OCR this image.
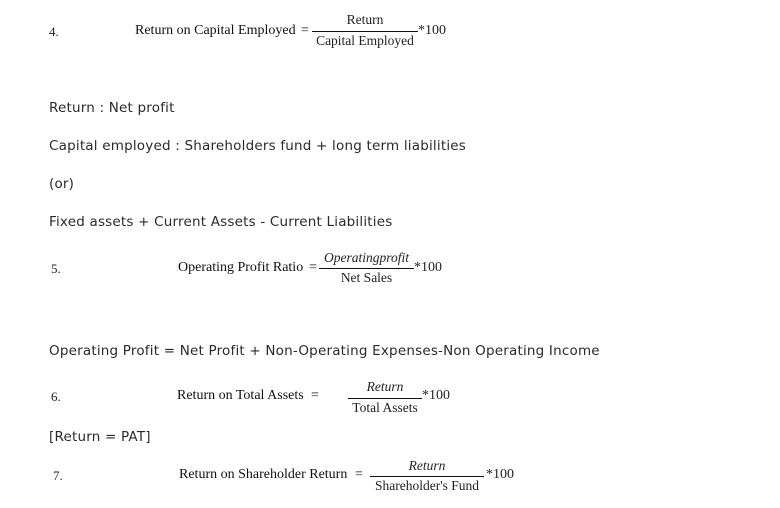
4.	Return on Capital Employed =
Return
Capital Employed
*100
Return : Net profit
Capital employed : Shareholders fund + long term liabilities
(or)
Fixed assets + Current Assets - Current Liabilities
5.	Operating Profit Ratio =
Operatingprofit
Net Sales
*100
Operating Profit = Net Profit + Non-Operating Expenses-Non Operating Income
6.	Return on Total Assets =
Return
Total Assets
*100
[Return = PAT]
7.	Return on Shareholder Return =
Return
Shareholder's Fund
*100
